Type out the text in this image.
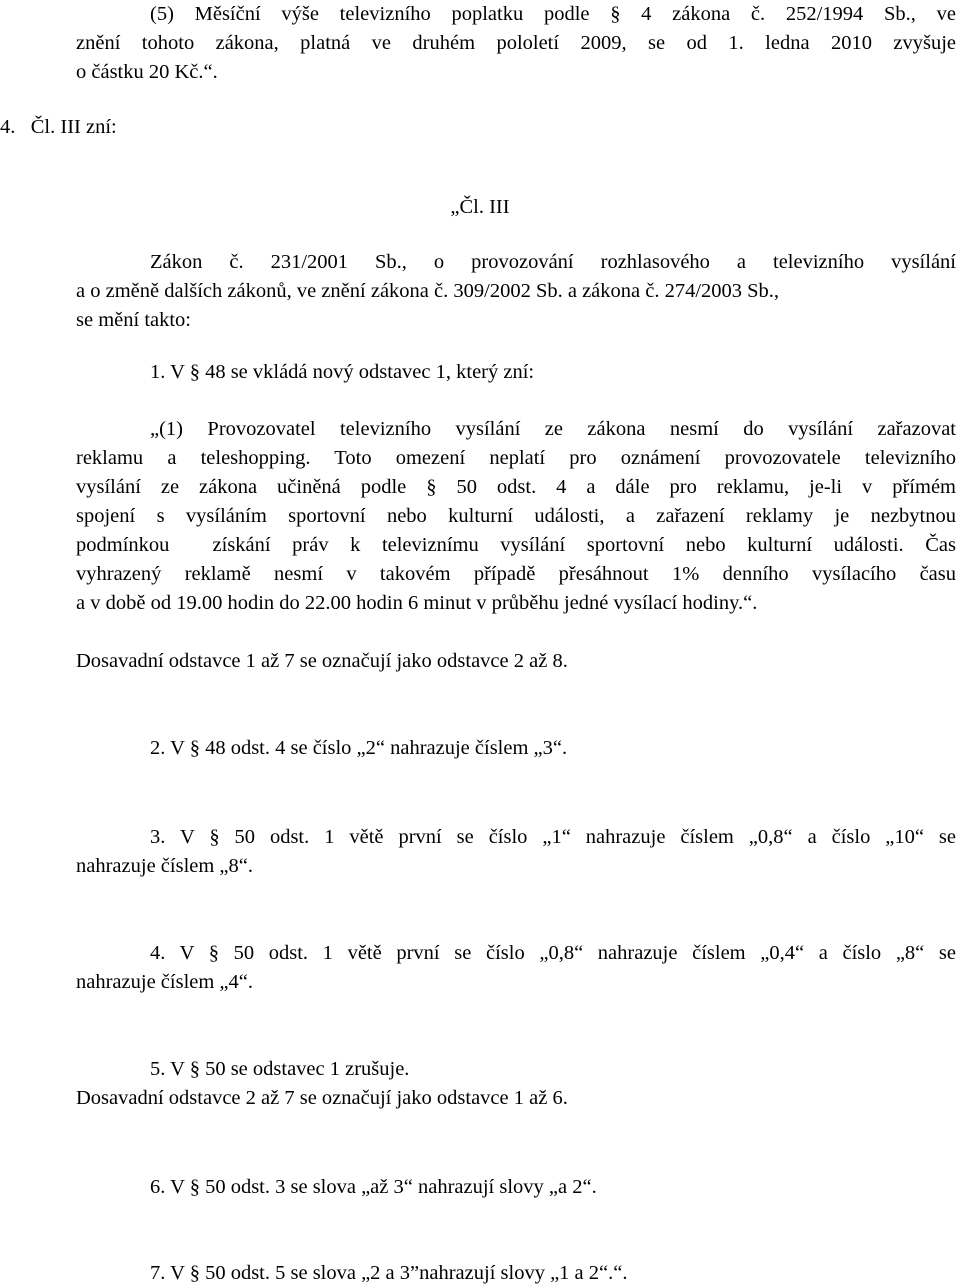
(5) Měsíční výše televizního poplatku podle § 4 zákona č. 252/1994 Sb., ve

znění tohoto zákona, platná ve druhém pololetí 2009, se od 1. ledna 2010 zvyšuje

o částku 20 Kč.“.

4.   Čl. III zní:

„Čl. III

Zákon č. 231/2001 Sb., o provozování rozhlasového a televizního vysílání

a o změně dalších zákonů, ve znění zákona č. 309/2002 Sb. a zákona č. 274/2003 Sb.,

se mění takto:

1. V § 48 se vkládá nový odstavec 1, který zní:

„(1) Provozovatel televizního vysílání ze zákona nesmí do vysílání zařazovat

reklamu a teleshopping. Toto omezení neplatí pro oznámení provozovatele televizního

vysílání ze zákona učiněná podle § 50 odst. 4 a dále pro reklamu, je-li v přímém

spojení s vysíláním sportovní nebo kulturní události, a zařazení reklamy je nezbytnou

podmínkou  získání práv k televiznímu vysílání sportovní nebo kulturní události. Čas

vyhrazený reklamě nesmí v takovém případě přesáhnout 1% denního vysílacího času

a v době od 19.00 hodin do 22.00 hodin 6 minut v průběhu jedné vysílací hodiny.“.

Dosavadní odstavce 1 až 7 se označují jako odstavce 2 až 8.

2. V § 48 odst. 4 se číslo „2“ nahrazuje číslem „3“.

3. V § 50 odst. 1 větě první se číslo „1“ nahrazuje číslem „0,8“ a číslo „10“ se

nahrazuje číslem „8“.

4. V § 50 odst. 1 větě první se číslo „0,8“ nahrazuje číslem „0,4“ a číslo „8“ se

nahrazuje číslem „4“.

5. V § 50 se odstavec 1 zrušuje.

Dosavadní odstavce 2 až 7 se označují jako odstavce 1 až 6.

6. V § 50 odst. 3 se slova „až 3“ nahrazují slovy „a 2“.

7. V § 50 odst. 5 se slova „2 a 3”nahrazují slovy „1 a 2“.“.
